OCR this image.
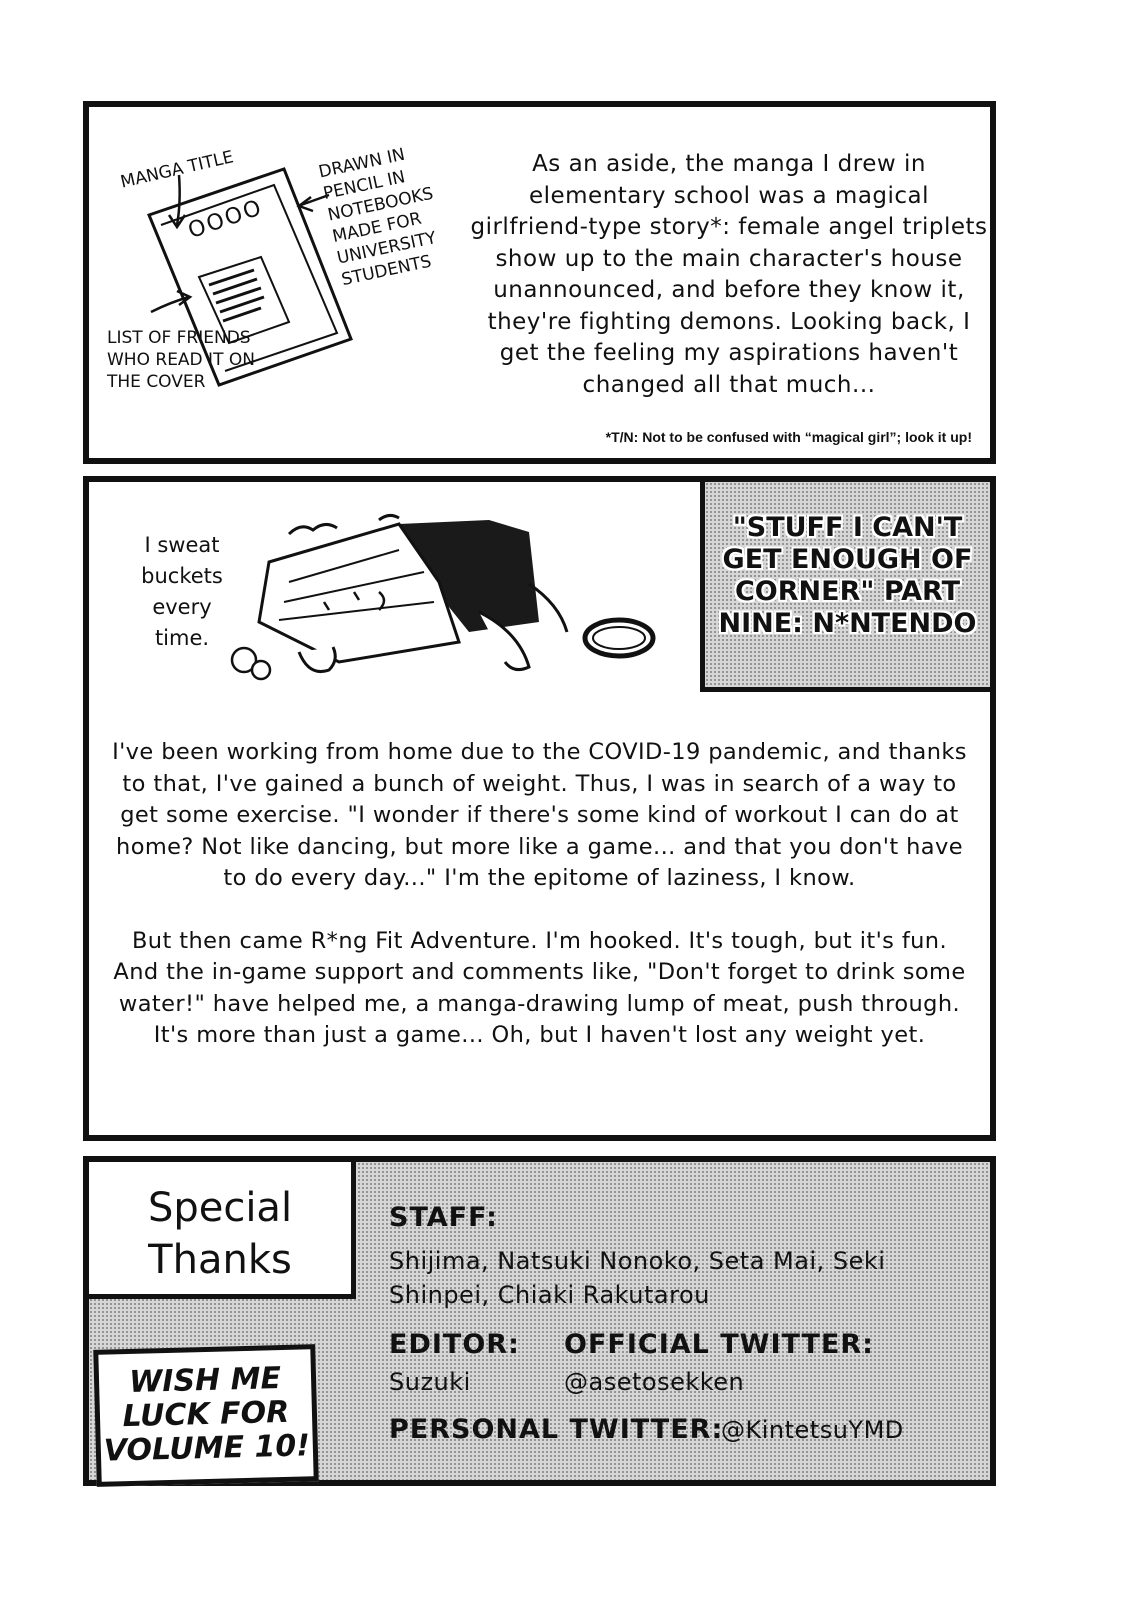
OOOO
MANGA TITLE	DRAWN IN PENCIL IN NOTEBOOKS MADE FOR UNIVERSITY STUDENTS
LIST OF FRIENDS WHO READ IT ON THE COVER
As an aside, the manga I drew in elementary school was a magical girlfriend-type story*: female angel triplets show up to the main character's house unannounced, and before they know it, they're fighting demons. Looking back, I get the feeling my aspirations haven't changed all that much...
*T/N: Not to be confused with “magical girl”; look it up!
I sweat buckets every time.
"STUFF I CAN'T GET ENOUGH OF CORNER" PART NINE: N*NTENDO

I've been working from home due to the COVID-19 pandemic, and thanks to that, I've gained a bunch of weight. Thus, I was in search of a way to get some exercise. "I wonder if there's some kind of workout I can do at home? Not like dancing, but more like a game... and that you don't have to do every day..." I'm the epitome of laziness, I know.

But then came R*ng Fit Adventure. I'm hooked. It's tough, but it's fun. And the in-game support and comments like, "Don't forget to drink some water!" have helped me, a manga-drawing lump of meat, push through. It's more than just a game... Oh, but I haven't lost any weight yet.

Special Thanks
WISH ME LUCK FOR VOLUME 10!
STAFF:
Shijima, Natsuki Nonoko, Seta Mai, Seki Shinpei, Chiaki Rakutarou
EDITOR:
Suzuki
OFFICIAL TWITTER:
@asetosekken
PERSONAL TWITTER:
@KintetsuYMD
